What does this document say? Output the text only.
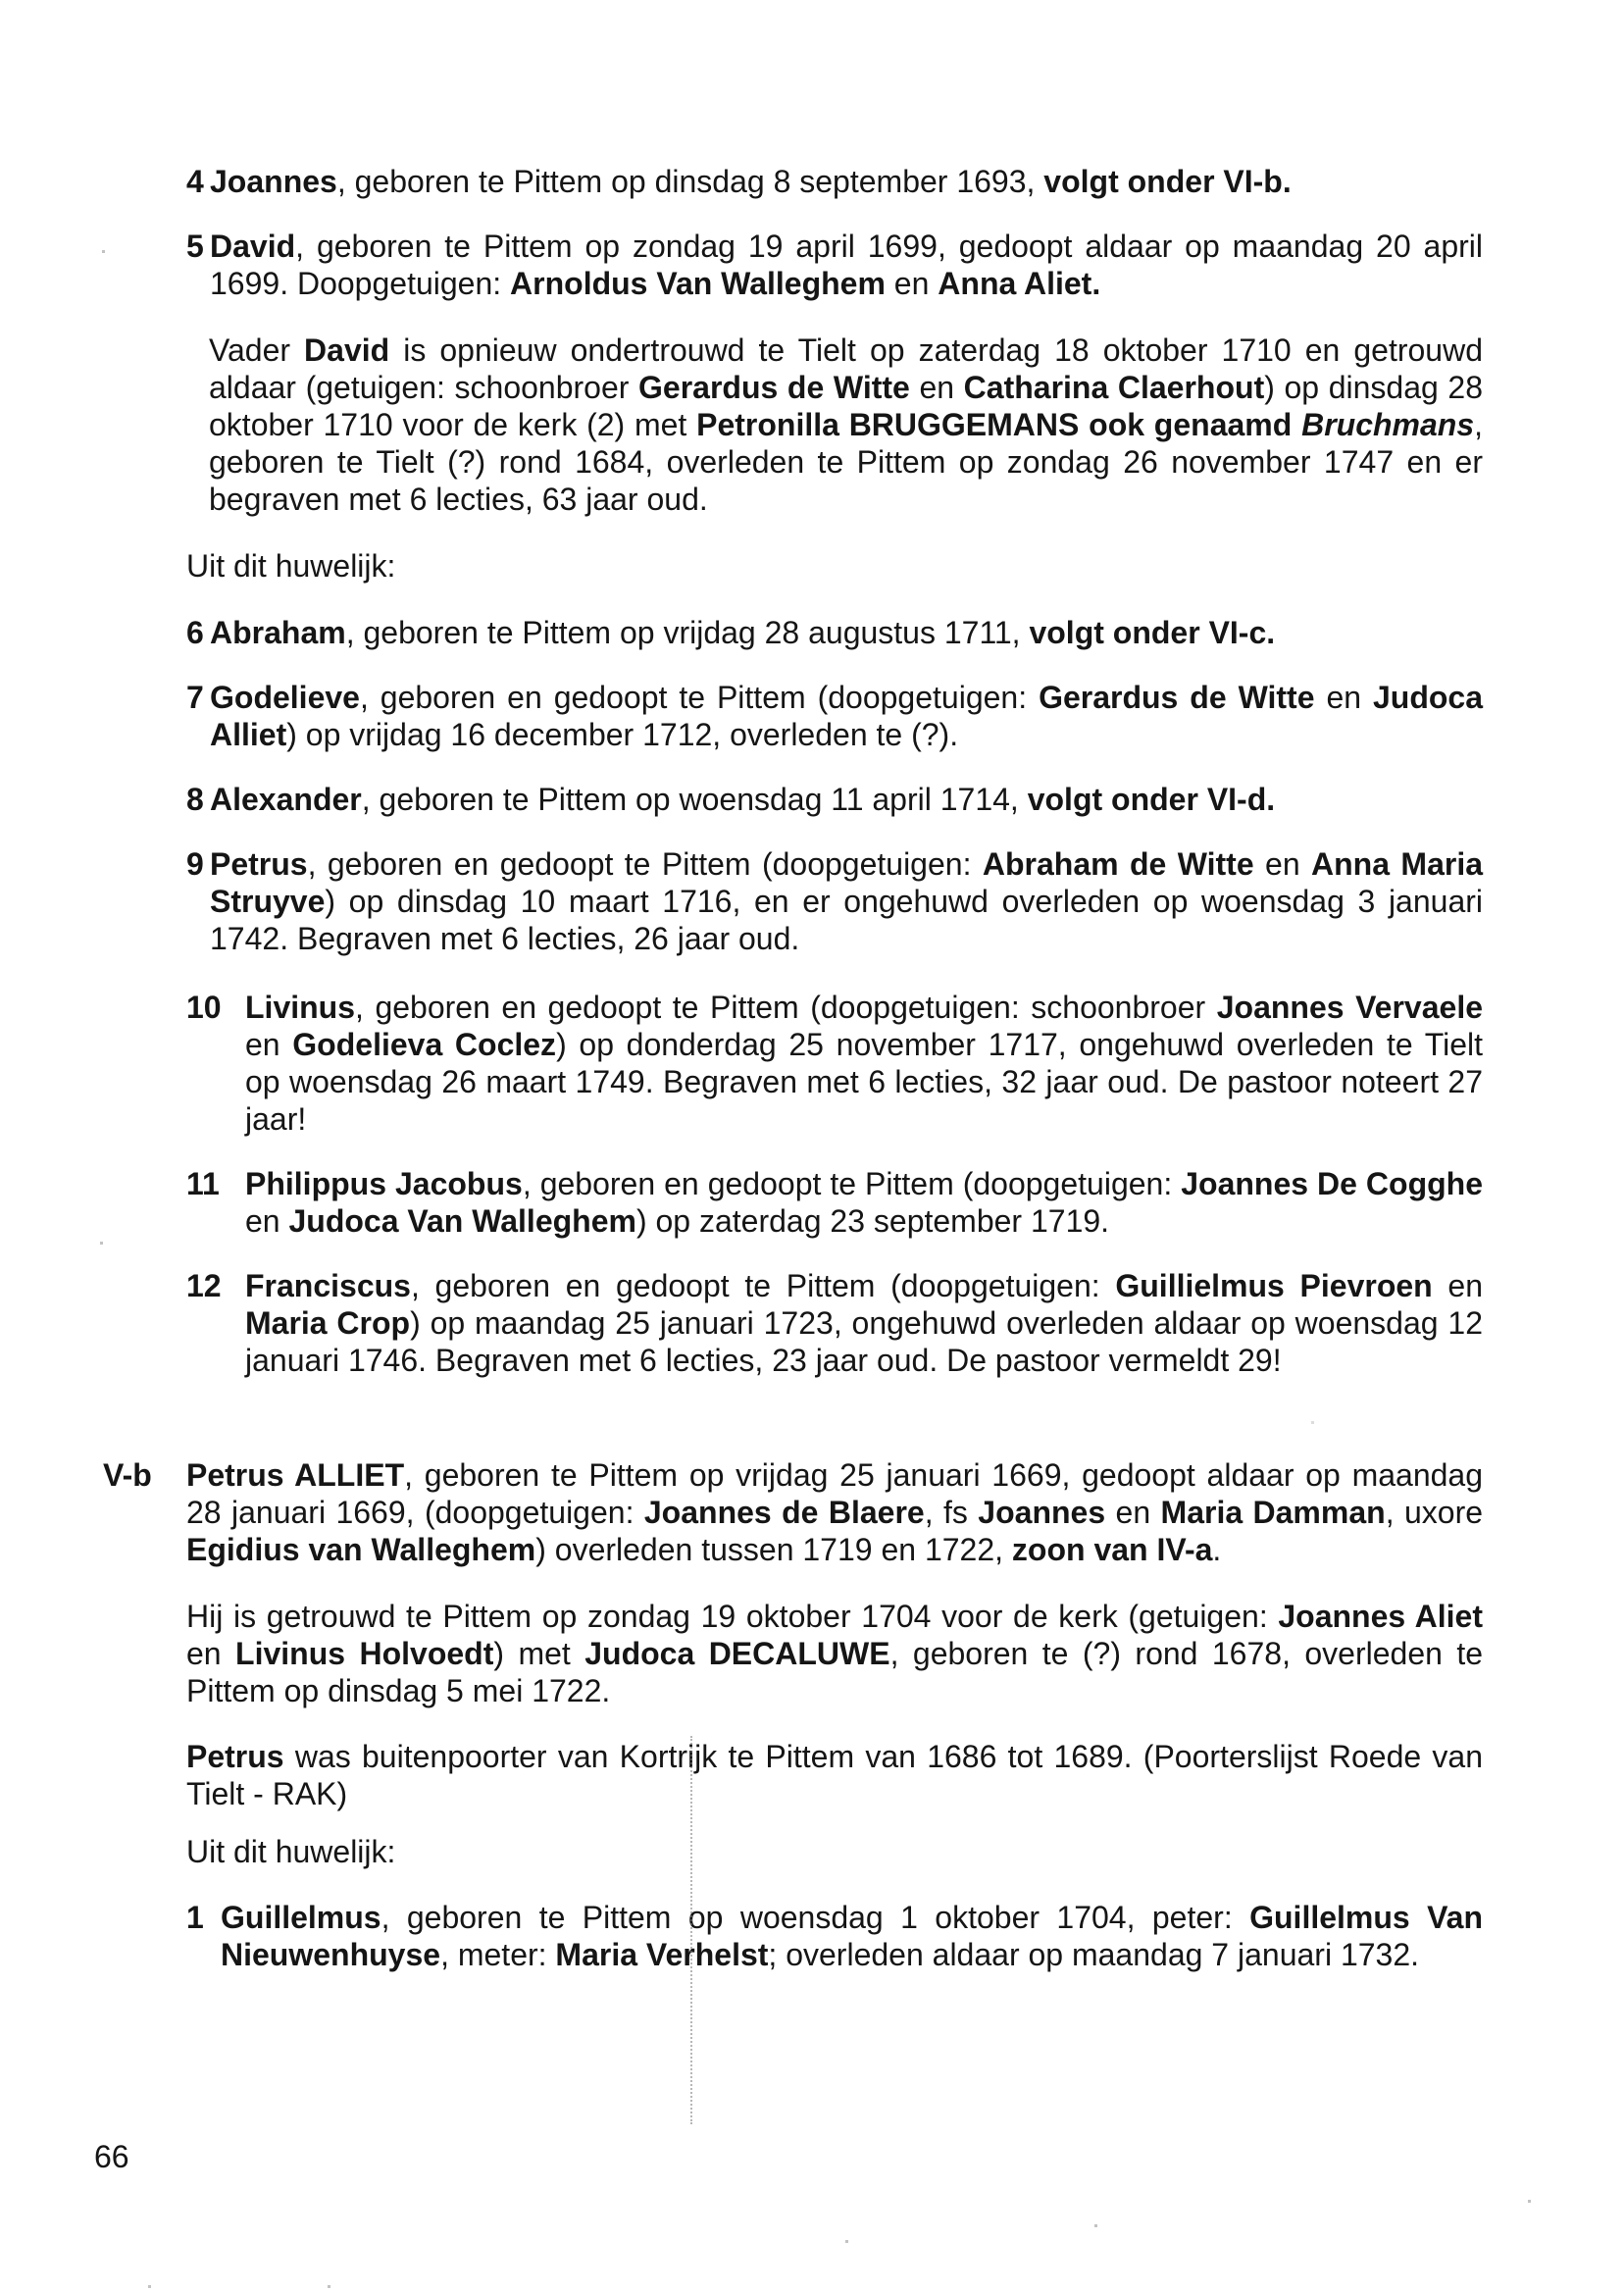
4 Joannes, geboren te Pittem op dinsdag 8 september 1693, volgt onder VI-b.
5 David, geboren te Pittem op zondag 19 april 1699, gedoopt aldaar op maandag 20 april 1699. Doopgetuigen: Arnoldus Van Walleghem en Anna Aliet.
Vader David is opnieuw ondertrouwd te Tielt op zaterdag 18 oktober 1710 en getrouwd aldaar (getuigen: schoonbroer Gerardus de Witte en Catharina Claerhout) op dinsdag 28 oktober 1710 voor de kerk (2) met Petronilla BRUGGEMANS ook genaamd Bruchmans, geboren te Tielt (?) rond 1684, overleden te Pittem op zondag 26 november 1747 en er begraven met 6 lecties, 63 jaar oud.
Uit dit huwelijk:
6 Abraham, geboren te Pittem op vrijdag 28 augustus 1711, volgt onder VI-c.
7 Godelieve, geboren en gedoopt te Pittem (doopgetuigen: Gerardus de Witte en Judoca Alliet) op vrijdag 16 december 1712, overleden te (?).
8 Alexander, geboren te Pittem op woensdag 11 april 1714, volgt onder VI-d.
9 Petrus, geboren en gedoopt te Pittem (doopgetuigen: Abraham de Witte en Anna Maria Struyve) op dinsdag 10 maart 1716, en er ongehuwd overleden op woensdag 3 januari 1742. Begraven met 6 lecties, 26 jaar oud.
10 Livinus, geboren en gedoopt te Pittem (doopgetuigen: schoonbroer Joannes Vervaele en Godelieva Coclez) op donderdag 25 november 1717, ongehuwd overleden te Tielt op woensdag 26 maart 1749. Begraven met 6 lecties, 32 jaar oud. De pastoor noteert 27 jaar!
11 Philippus Jacobus, geboren en gedoopt te Pittem (doopgetuigen: Joannes De Cogghe en Judoca Van Walleghem) op zaterdag 23 september 1719.
12 Franciscus, geboren en gedoopt te Pittem (doopgetuigen: Guillielmus Pievroen en Maria Crop) op maandag 25 januari 1723, ongehuwd overleden aldaar op woensdag 12 januari 1746. Begraven met 6 lecties, 23 jaar oud. De pastoor vermeldt 29!
V-b Petrus ALLIET, geboren te Pittem op vrijdag 25 januari 1669, gedoopt aldaar op maandag 28 januari 1669, (doopgetuigen: Joannes de Blaere, fs Joannes en Maria Damman, uxore Egidius van Walleghem) overleden tussen 1719 en 1722, zoon van IV-a.
Hij is getrouwd te Pittem op zondag 19 oktober 1704 voor de kerk (getuigen: Joannes Aliet en Livinus Holvoedt) met Judoca DECALUWE, geboren te (?) rond 1678, overleden te Pittem op dinsdag 5 mei 1722.
Petrus was buitenpoorter van Kortrijk te Pittem van 1686 tot 1689. (Poorterslijst Roede van Tielt - RAK)
Uit dit huwelijk:
1 Guillelmus, geboren te Pittem op woensdag 1 oktober 1704, peter: Guillelmus Van Nieuwenhuyse, meter: Maria Verhelst; overleden aldaar op maandag 7 januari 1732.
66
